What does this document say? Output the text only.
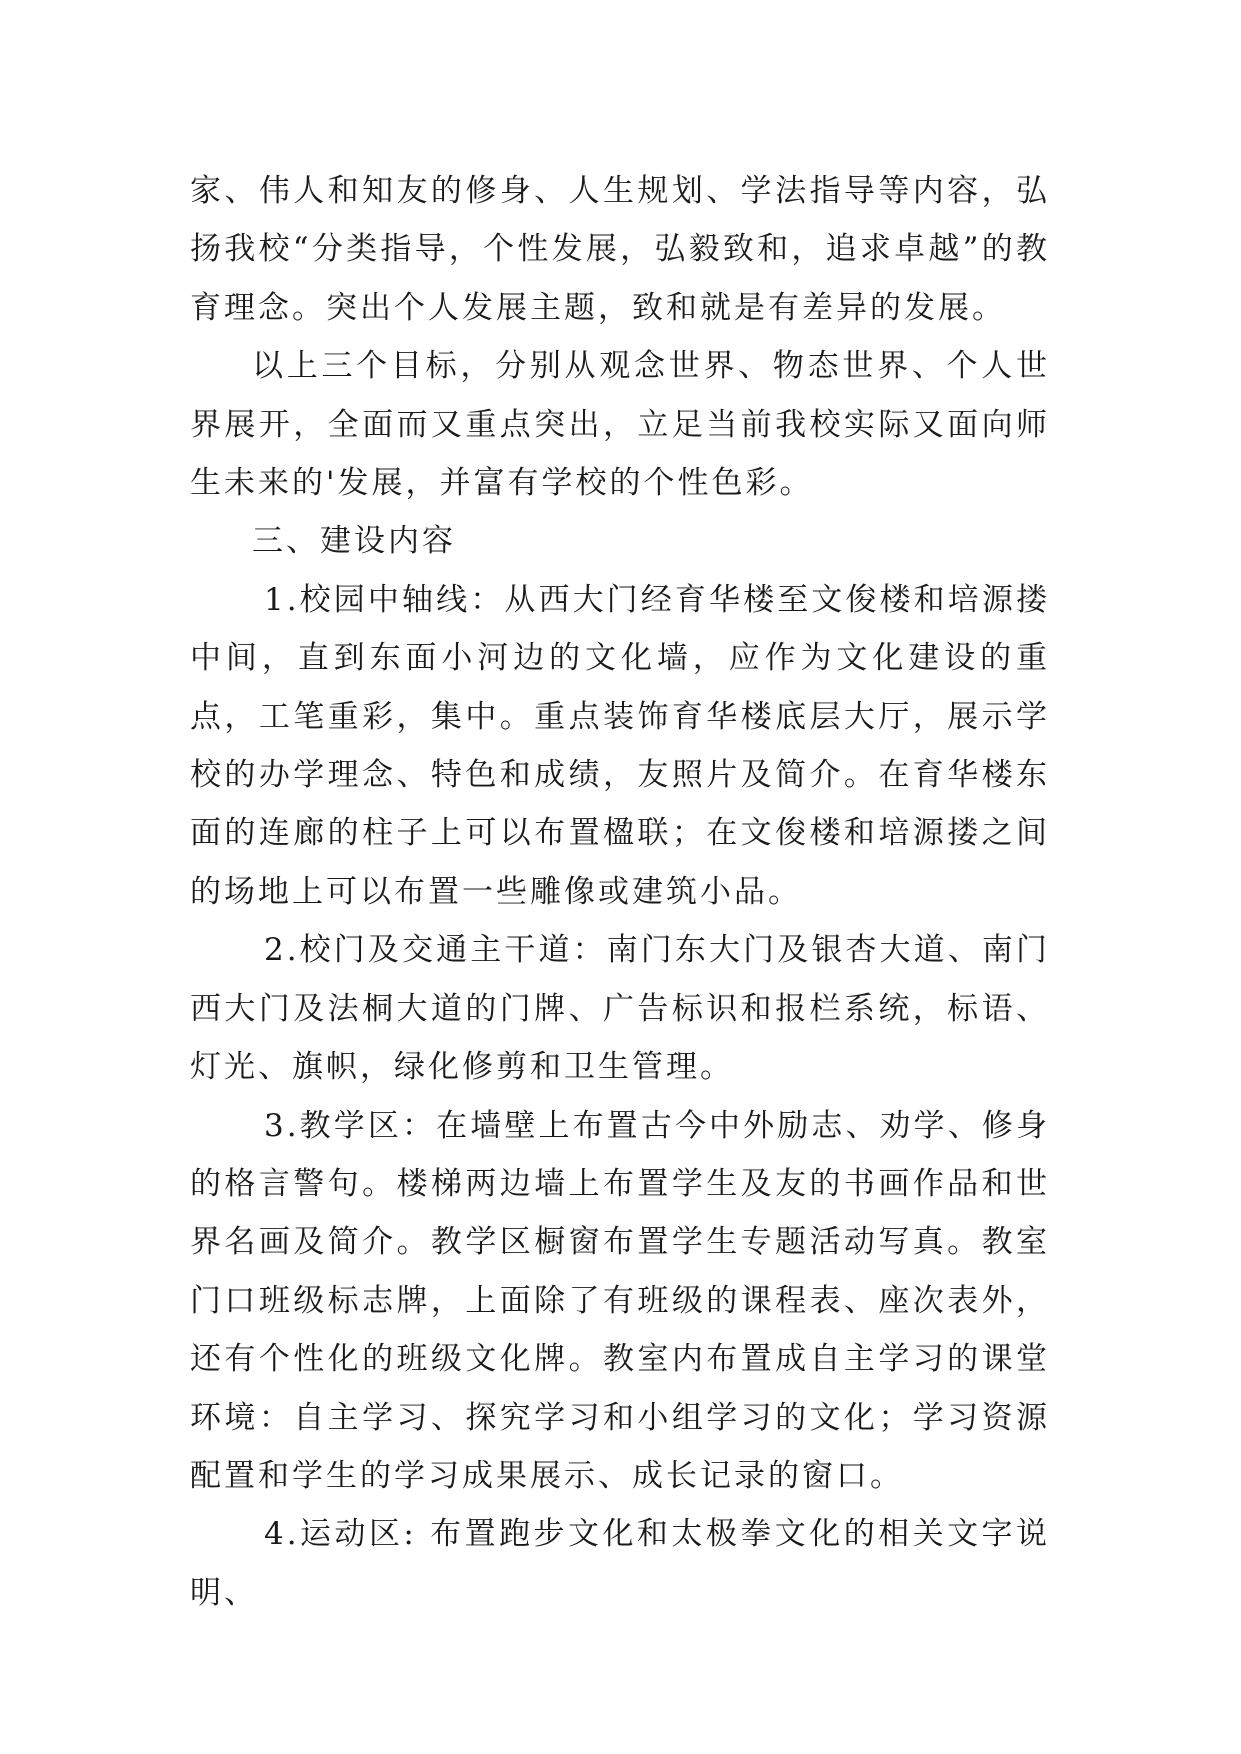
家、伟人和知友的修身、人生规划、学法指导等内容，弘扬我校“分类指导，个性发展，弘毅致和，追求卓越”的教育理念。突出个人发展主题，致和就是有差异的发展。

以上三个目标，分别从观念世界、物态世界、个人世界展开，全面而又重点突出，立足当前我校实际又面向师生未来的'发展，并富有学校的个性色彩。

三、建设内容

1.校园中轴线：从西大门经育华楼至文俊楼和培源搂中间，直到东面小河边的文化墙，应作为文化建设的重点，工笔重彩，集中。重点装饰育华楼底层大厅，展示学校的办学理念、特色和成绩，友照片及简介。在育华楼东面的连廊的柱子上可以布置楹联；在文俊楼和培源搂之间的场地上可以布置一些雕像或建筑小品。

2.校门及交通主干道：南门东大门及银杏大道、南门西大门及法桐大道的门牌、广告标识和报栏系统，标语、灯光、旗帜，绿化修剪和卫生管理。

3.教学区：在墙壁上布置古今中外励志、劝学、修身的格言警句。楼梯两边墙上布置学生及友的书画作品和世界名画及简介。教学区橱窗布置学生专题活动写真。教室门口班级标志牌，上面除了有班级的课程表、座次表外，还有个性化的班级文化牌。教室内布置成自主学习的课堂环境：自主学习、探究学习和小组学习的文化；学习资源配置和学生的学习成果展示、成长记录的窗口。

4.运动区: 布置跑步文化和太极拳文化的相关文字说明、
